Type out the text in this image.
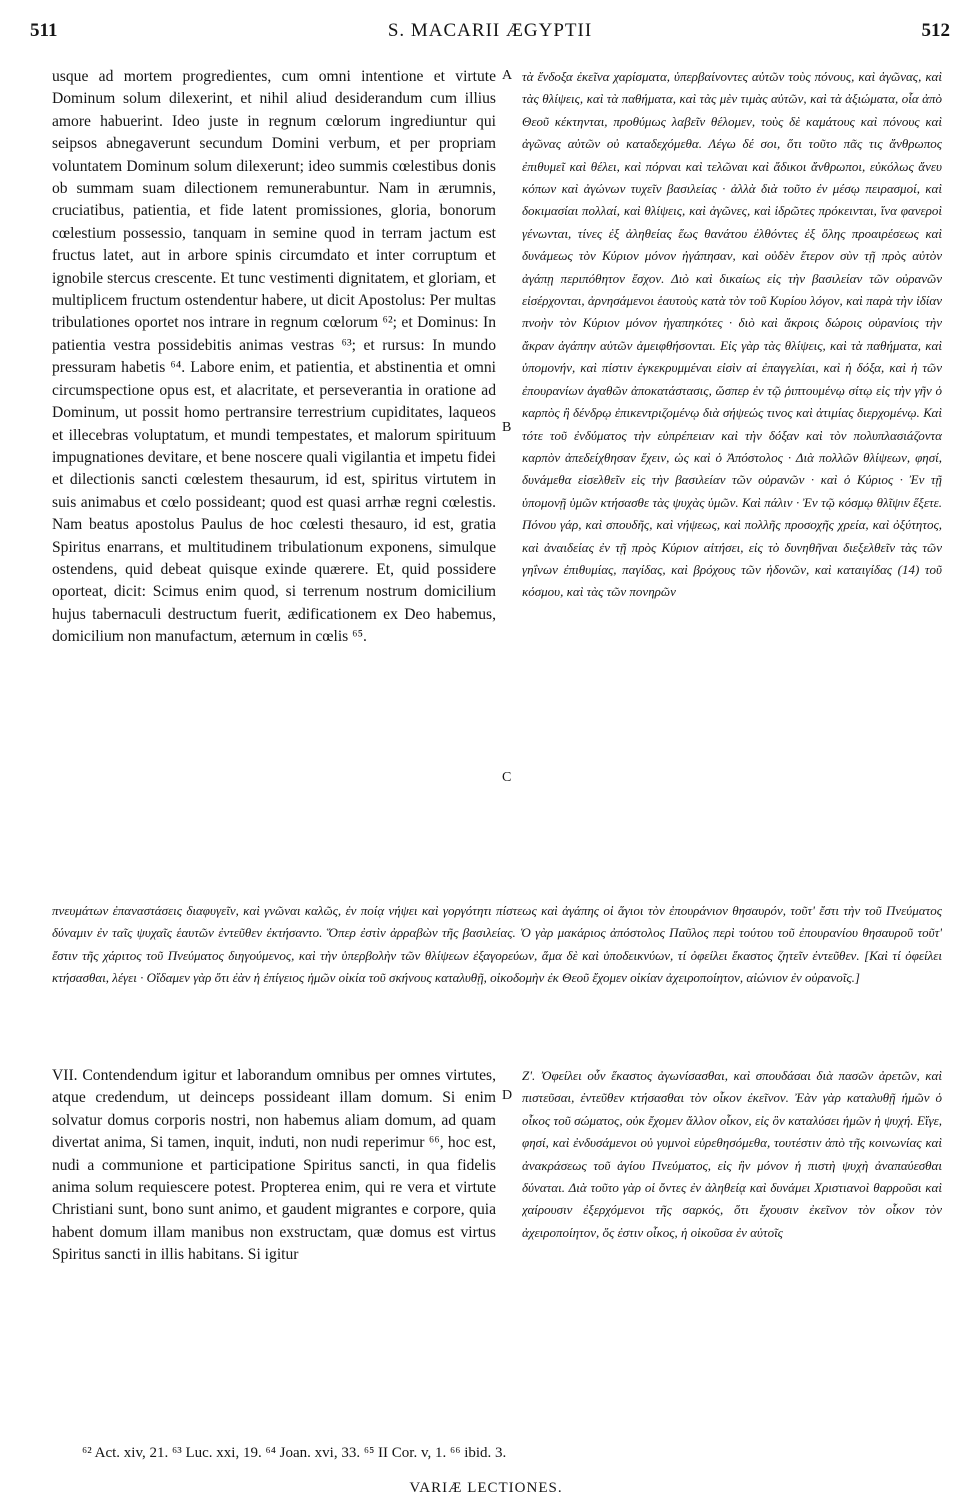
511	S. MACARII ÆGYPTII	512
usque ad mortem progredientes, cum omni intentione et virtute Dominum solum dilexerint, et nihil aliud desiderandum cum illius amore habuerint. Ideo juste in regnum cœlorum ingrediuntur qui seipsos abnegaverunt secundum Domini verbum, et per propriam voluntatem Dominum solum dilexerunt; ideo summis cœlestibus donis ob summam suam dilectionem remunerabuntur. Nam in ærumnis, cruciatibus, patientia, et fide latent promissiones, gloria, bonorum cœlestium possessio, tanquam in semine quod in terram jactum est fructus latet, aut in arbore spinis circumdato et inter corruptum et ignobile stercus crescente. Et tunc vestimenti dignitatem, et gloriam, et multiplicem fructum ostendentur habere, ut dicit Apostolus: Per multas tribulationes oportet nos intrare in regnum cœlorum ⁶²; et Dominus: In patientia vestra possidebitis animas vestras ⁶³; et rursus: In mundo pressuram habetis ⁶⁴. Labore enim, et patientia, et abstinentia et omni circumspectione opus est, et alacritate, et perseverantia in oratione ad Dominum, ut possit homo pertransire terrestrium cupiditates, laqueos et illecebras voluptatum, et mundi tempestates, et malorum spirituum impugnationes devitare, et bene noscere quali vigilantia et impetu fidei et dilectionis sancti cœlestem thesaurum, id est, spiritus virtutem in suis animabus et cœlo possideant; quod est quasi arrhæ regni cœlestis. Nam beatus apostolus Paulus de hoc cœlesti thesauro, id est, gratia Spiritus enarrans, et multitudinem tribulationum exponens, simulque ostendens, quid debeat quisque exinde quærere. Et, quid possidere oporteat, dicit: Scimus enim quod, si terrenum nostrum domicilium hujus tabernaculi destructum fuerit, ædificationem ex Deo habemus, domicilium non manufactum, æternum in cœlis ⁶⁵.
τὰ ἔνδοξα ἐκεῖνα χαρίσματα, ὑπερβαίνοντες αὐτῶν τοὺς πόνους, καὶ ἀγῶνας, καὶ τὰς θλίψεις, καὶ τὰ παθήματα, καὶ τὰς μὲν τιμὰς αὐτῶν, καὶ τὰ ἀξιώματα, οἷα ἀπὸ Θεοῦ κέκτηνται, προθύμως λαβεῖν θέλομεν, τοὺς δὲ καμάτους καὶ πόνους καὶ ἀγῶνας αὐτῶν οὐ καταδεχόμεθα. Λέγω δέ σοι, ὅτι τοῦτο πᾶς τις ἄνθρωπος ἐπιθυμεῖ καὶ θέλει, καὶ πόρναι καὶ τελῶναι καὶ ἄδικοι ἄνθρωποι, εὐκόλως ἄνευ κόπων καὶ ἀγώνων τυχεῖν βασιλείας · ἀλλὰ διὰ τοῦτο ἐν μέσῳ πειρασμοί, καὶ δοκιμασίαι πολλαί, καὶ θλίψεις, καὶ ἀγῶνες, καὶ ἱδρῶτες πρόκεινται, ἵνα φανεροὶ γένωνται, τίνες ἐξ ἀληθείας ἕως θανάτου ἐλθόντες ἐξ ὅλης προαιρέσεως καὶ δυνάμεως τὸν Κύριον μόνον ἠγάπησαν, καὶ οὐδὲν ἕτερον σὺν τῇ πρὸς αὐτὸν ἀγάπῃ περιπόθητον ἔσχον. Διὸ καὶ δικαίως εἰς τὴν βασιλείαν τῶν οὐρανῶν εἰσέρχονται, ἀρνησάμενοι ἑαυτοὺς κατὰ τὸν τοῦ Κυρίου λόγον, καὶ παρὰ τὴν ἰδίαν πνοὴν τὸν Κύριον μόνον ἠγαπηκότες · διὸ καὶ ἄκροις δώροις οὐρανίοις τὴν ἄκραν ἀγάπην αὐτῶν ἀμειφθήσονται. Εἰς γὰρ τὰς θλίψεις, καὶ τὰ παθήματα, καὶ ὑπομονήν, καὶ πίστιν ἐγκεκρυμμέναι εἰσὶν αἱ ἐπαγγελίαι, καὶ ἡ δόξα, καὶ ἡ τῶν ἐπουρανίων ἀγαθῶν ἀποκατάστασις, ὥσπερ ἐν τῷ ῥιπτουμένῳ σίτῳ εἰς τὴν γῆν ὁ καρπὸς ἢ δένδρῳ ἐπικεντριζομένῳ διὰ σήψεώς τινος καὶ ἀτιμίας διερχομένῳ. Καὶ τότε τοῦ ἐνδύματος τὴν εὐπρέπειαν καὶ τὴν δόξαν καὶ τὸν πολυπλασιάζοντα καρπὸν ἀπεδείχθησαν ἔχειν, ὡς καὶ ὁ Ἀπόστολος · Διὰ πολλῶν θλίψεων, φησί, δυνάμεθα εἰσελθεῖν εἰς τὴν βασιλείαν τῶν οὐρανῶν · καὶ ὁ Κύριος · Ἐν τῇ ὑπομονῇ ὑμῶν κτήσασθε τὰς ψυχὰς ὑμῶν. Καὶ πάλιν · Ἐν τῷ κόσμῳ θλῖψιν ἕξετε. Πόνου γάρ, καὶ σπουδῆς, καὶ νήψεως, καὶ πολλῆς προσοχῆς χρεία, καὶ ὀξύτητος, καὶ ἀναιδείας ἐν τῇ πρὸς Κύριον αἰτήσει, εἰς τὸ δυνηθῆναι διεξελθεῖν τὰς τῶν γηΐνων ἐπιθυμίας, παγίδας, καὶ βρόχους τῶν ἡδονῶν, καὶ καταιγίδας (14) τοῦ κόσμου, καὶ τὰς τῶν πονηρῶν
A
B
C
πνευμάτων ἐπαναστάσεις διαφυγεῖν, καὶ γνῶναι καλῶς, ἐν ποίᾳ νήψει καὶ γοργότητι πίστεως καὶ ἀγάπης οἱ ἅγιοι τὸν ἐπουράνιον θησαυρόν, τοῦτ' ἔστι τὴν τοῦ Πνεύματος δύναμιν ἐν ταῖς ψυχαῖς ἑαυτῶν ἐντεῦθεν ἐκτήσαντο. Ὅπερ ἐστὶν ἀρραβὼν τῆς βασιλείας. Ὁ γὰρ μακάριος ἀπόστολος Παῦλος περὶ τούτου τοῦ ἐπουρανίου θησαυροῦ τοῦτ' ἔστιν τῆς χάριτος τοῦ Πνεύματος διηγούμενος, καὶ τὴν ὑπερβολὴν τῶν θλίψεων ἐξαγορεύων, ἅμα δὲ καὶ ὑποδεικνύων, τί ὀφείλει ἕκαστος ζητεῖν ἐντεῦθεν. [Καὶ τί ὀφείλει κτήσασθαι, λέγει · Οἴδαμεν γὰρ ὅτι ἐὰν ἡ ἐπίγειος ἡμῶν οἰκία τοῦ σκήνους καταλυθῇ, οἰκοδομὴν ἐκ Θεοῦ ἔχομεν οἰκίαν ἀχειροποίητον, αἰώνιον ἐν οὐρανοῖς.]
VII. Contendendum igitur et laborandum omnibus per omnes virtutes, atque credendum, ut deinceps possideant illam domum. Si enim solvatur domus corporis nostri, non habemus aliam domum, ad quam divertat anima, Si tamen, inquit, induti, non nudi reperimur ⁶⁶, hoc est, nudi a communione et participatione Spiritus sancti, in qua fidelis anima solum requiescere potest. Propterea enim, qui re vera et virtute Christiani sunt, bono sunt animo, et gaudent migrantes e corpore, quia habent domum illam manibus non exstructam, quæ domus est virtus Spiritus sancti in illis habitans. Si igitur
Ζ'. Ὀφείλει οὖν ἕκαστος ἀγωνίσασθαι, καὶ σπουδάσαι διὰ πασῶν ἀρετῶν, καὶ πιστεῦσαι, ἐντεῦθεν κτήσασθαι τὸν οἶκον ἐκεῖνον. Ἐὰν γὰρ καταλυθῇ ἡμῶν ὁ οἶκος τοῦ σώματος, οὐκ ἔχομεν ἄλλον οἶκον, εἰς ὃν καταλύσει ἡμῶν ἡ ψυχή. Εἴγε, φησί, καὶ ἐνδυσάμενοι οὐ γυμνοὶ εὑρεθησόμεθα, τουτέστιν ἀπὸ τῆς κοινωνίας καὶ ἀνακράσεως τοῦ ἁγίου Πνεύματος, εἰς ἣν μόνον ἡ πιστὴ ψυχὴ ἀναπαύεσθαι δύναται. Διὰ τοῦτο γὰρ οἱ ὄντες ἐν ἀληθείᾳ καὶ δυνάμει Χριστιανοὶ θαρροῦσι καὶ χαίρουσιν ἐξερχόμενοι τῆς σαρκός, ὅτι ἔχουσιν ἐκεῖνον τὸν οἶκον τὸν ἀχειροποίητον, ὅς ἐστιν οἶκος, ἡ οἰκοῦσα ἐν αὐτοῖς
D
⁶² Act. xiv, 21. ⁶³ Luc. xxi, 19. ⁶⁴ Joan. xvi, 33. ⁶⁵ II Cor. v, 1. ⁶⁶ ibid. 3.
VARIÆ LECTIONES.
